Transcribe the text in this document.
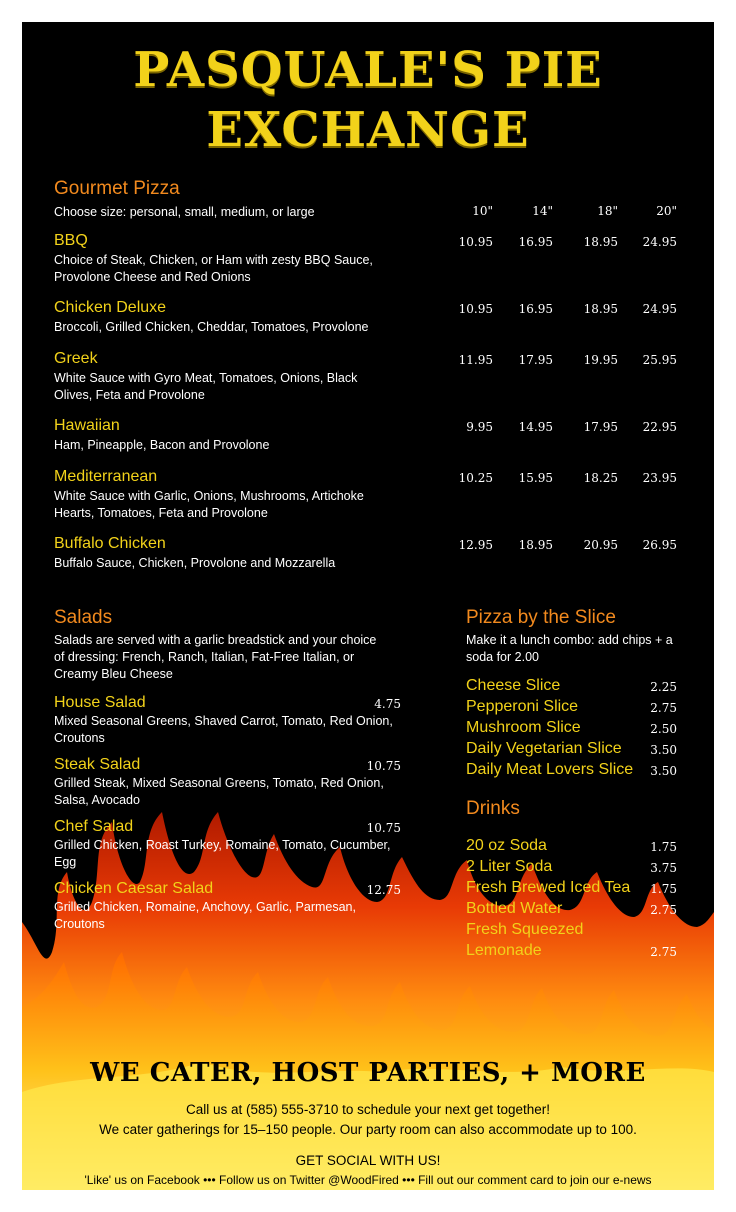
PASQUALE'S PIE
EXCHANGE
Gourmet Pizza
Choose size: personal, small, medium, or large	10"	14"	18"	20"
BBQ
Choice of Steak, Chicken, or Ham with zesty BBQ Sauce, Provolone Cheese and Red Onions
10.95	16.95	18.95	24.95
Chicken Deluxe
Broccoli, Grilled Chicken, Cheddar, Tomatoes, Provolone
10.95	16.95	18.95	24.95
Greek
White Sauce with Gyro Meat, Tomatoes, Onions, Black Olives, Feta and Provolone
11.95	17.95	19.95	25.95
Hawaiian
Ham, Pineapple, Bacon and Provolone
9.95	14.95	17.95	22.95
Mediterranean
White Sauce with Garlic, Onions, Mushrooms, Artichoke Hearts, Tomatoes, Feta and Provolone
10.25	15.95	18.25	23.95
Buffalo Chicken
Buffalo Sauce, Chicken, Provolone and Mozzarella
12.95	18.95	20.95	26.95
Salads
Salads are served with a garlic breadstick and your choice of dressing: French, Ranch, Italian, Fat-Free Italian, or Creamy Bleu Cheese
House Salad	4.75
Mixed Seasonal Greens, Shaved Carrot, Tomato, Red Onion, Croutons
Steak Salad	10.75
Grilled Steak, Mixed Seasonal Greens, Tomato, Red Onion, Salsa, Avocado
Chef Salad	10.75
Grilled Chicken, Roast Turkey, Romaine, Tomato, Cucumber, Egg
Chicken Caesar Salad	12.75
Grilled Chicken, Romaine, Anchovy, Garlic, Parmesan, Croutons
Pizza by the Slice
Make it a lunch combo: add chips + a soda for 2.00
Cheese Slice	2.25
Pepperoni Slice	2.75
Mushroom Slice	2.50
Daily Vegetarian Slice	3.50
Daily Meat Lovers Slice	3.50
Drinks
20 oz Soda	1.75
2 Liter Soda	3.75
Fresh Brewed Iced Tea	1.75
Bottled Water	2.75
Fresh Squeezed
Lemonade	2.75
WE CATER, HOST PARTIES, + MORE
Call us at (585) 555-3710 to schedule your next get together!
We cater gatherings for 15–150 people. Our party room can also accommodate up to 100.
GET SOCIAL WITH US!
'Like' us on Facebook ••• Follow us on Twitter @WoodFired ••• Fill out our comment card to join our e-news
